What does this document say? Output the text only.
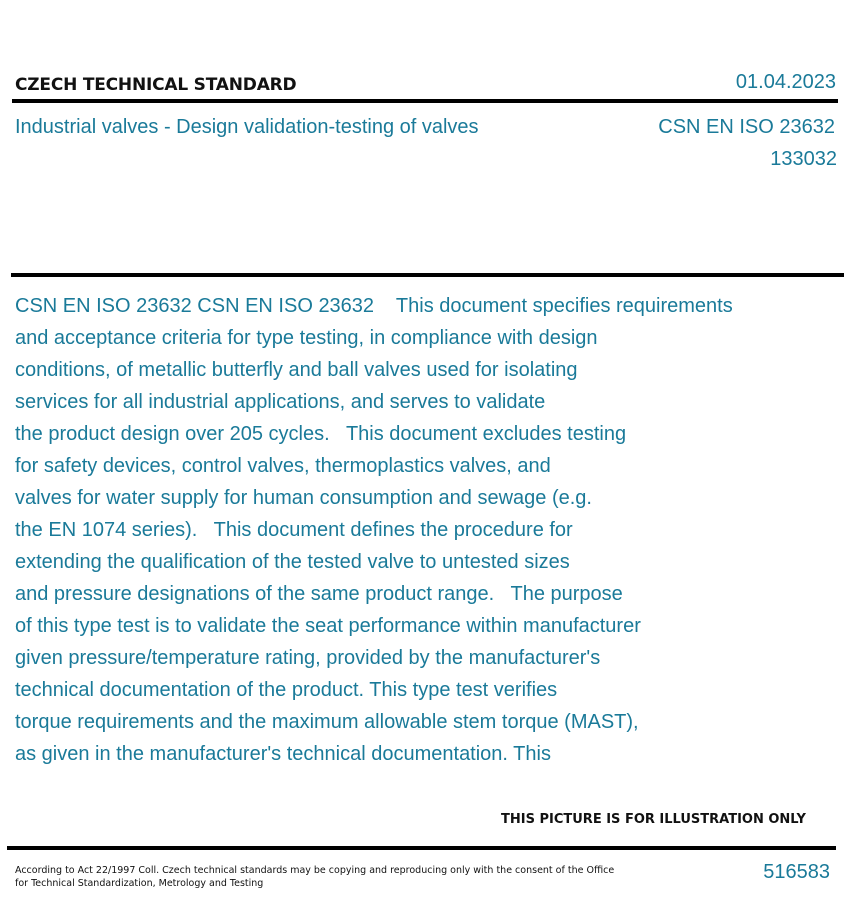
CZECH TECHNICAL STANDARD	01.04.2023
Industrial valves - Design validation-testing of valves	CSN EN ISO 23632
133032
CSN EN ISO 23632 CSN EN ISO 23632    This document specifies requirements
and acceptance criteria for type testing, in compliance with design
conditions, of metallic butterfly and ball valves used for isolating
services for all industrial applications, and serves to validate
the product design over 205 cycles.   This document excludes testing
for safety devices, control valves, thermoplastics valves, and
valves for water supply for human consumption and sewage (e.g.
the EN 1074 series).   This document defines the procedure for
extending the qualification of the tested valve to untested sizes
and pressure designations of the same product range.   The purpose
of this type test is to validate the seat performance within manufacturer
given pressure/temperature rating, provided by the manufacturer's
technical documentation of the product. This type test verifies
torque requirements and the maximum allowable stem torque (MAST),
as given in the manufacturer's technical documentation. This
THIS PICTURE IS FOR ILLUSTRATION ONLY
According to Act 22/1997 Coll. Czech technical standards may be copying and reproducing only with the consent of the Office
for Technical Standardization, Metrology and Testing
516583
